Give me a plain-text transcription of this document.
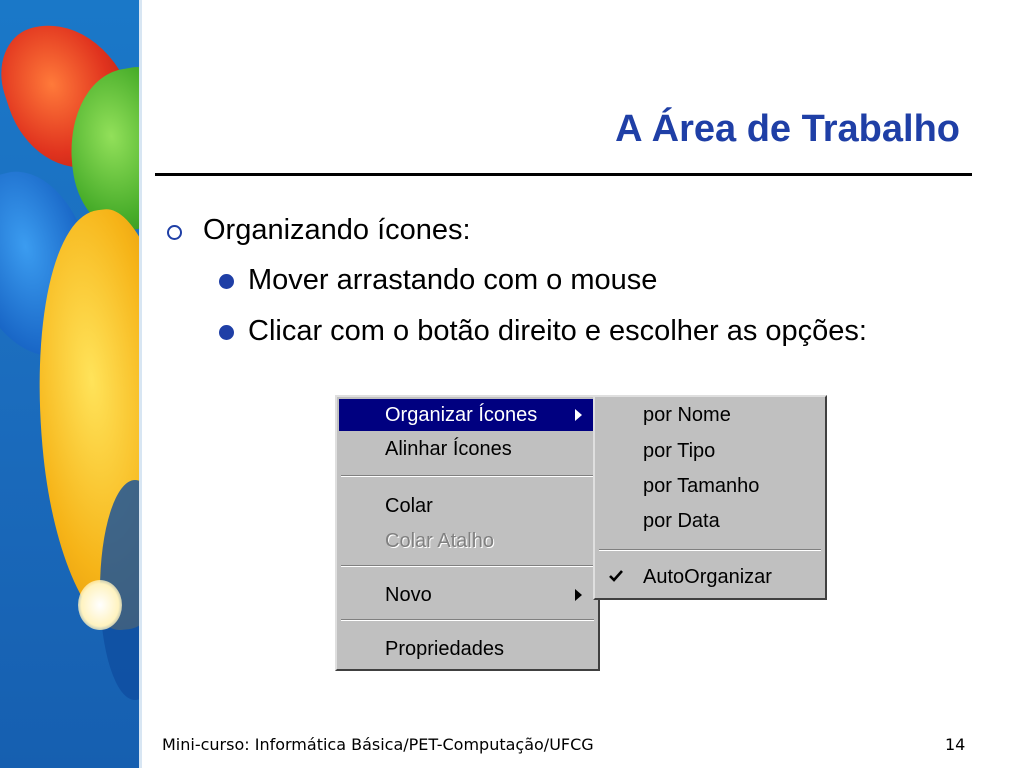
A Área de Trabalho
Organizando ícones:
Mover arrastando com o mouse
Clicar com o botão direito e escolher as opções:
Organizar Ícones
Alinhar Ícones
Colar
Colar Atalho
Novo
Propriedades
por Nome
por Tipo
por Tamanho
por Data
AutoOrganizar
Mini-curso: Informática Básica/PET-Computação/UFCG	14
